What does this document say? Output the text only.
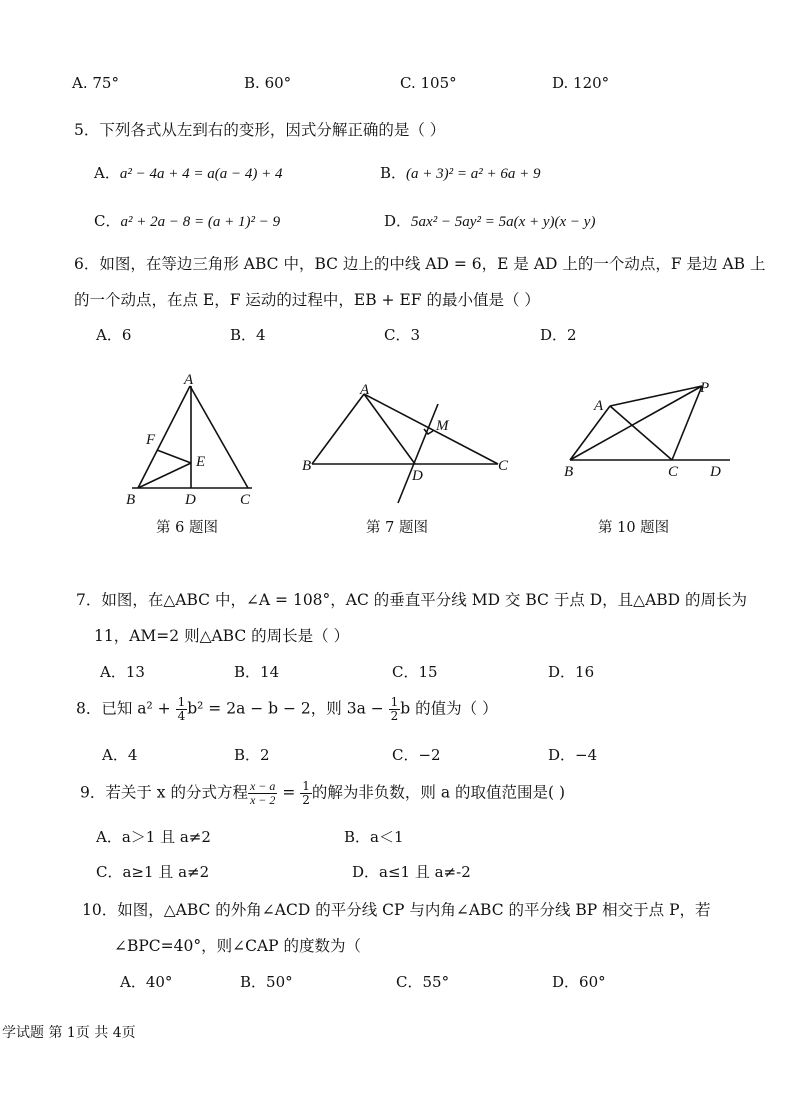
A. 75°	B. 60°	C. 105°	D. 120°
5．下列各式从左到右的变形，因式分解正确的是（ ）
A．a² − 4a + 4 = a(a − 4) + 4	B．(a + 3)² = a² + 6a + 9
C．a² + 2a − 8 = (a + 1)² − 9	D．5ax² − 5ay² = 5a(x + y)(x − y)
6．如图，在等边三角形 ABC 中，BC 边上的中线 AD = 6，E 是 AD 上的一个动点，F 是边 AB 上
的一个动点，在点 E，F 运动的过程中，EB + EF 的最小值是（ ）
A．6	B．4	C．3	D．2
A
F
E
B	D	C
第 6 题图
A
M
B
D
C
第 7 题图
A
P
B	C D
第 10 题图
7．如图，在△ABC 中，∠A = 108°，AC 的垂直平分线 MD 交 BC 于点 D，且△ABD 的周长为
11，AM=2 则△ABC 的周长是（ ）
A．13	B．14	C．15	D．16
8．已知 $a^2 + \frac{1}{4} b^2 = 2a - b - 2$，则 $3a - \frac{1}{2}$ b 的值为（ ）
A．4	B．2	C．−2	D．−4
9．若关于 x 的分式方程 $\frac{x - a}{x - 2} = \frac{1}{2}$ 的解为非负数，则 a 的取值范围是( )
A．a＞1 且 a≠2	B．a＜1
C．a≥1 且 a≠2	D．a≤1 且 a≠-2
10．如图，△ABC 的外角∠ACD 的平分线 CP 与内角∠ABC 的平分线 BP 相交于点 P，若
∠BPC=40°，则∠CAP 的度数为（
A．40°	B．50°	C．55°	D．60°
学试题 第 1页 共 4页
